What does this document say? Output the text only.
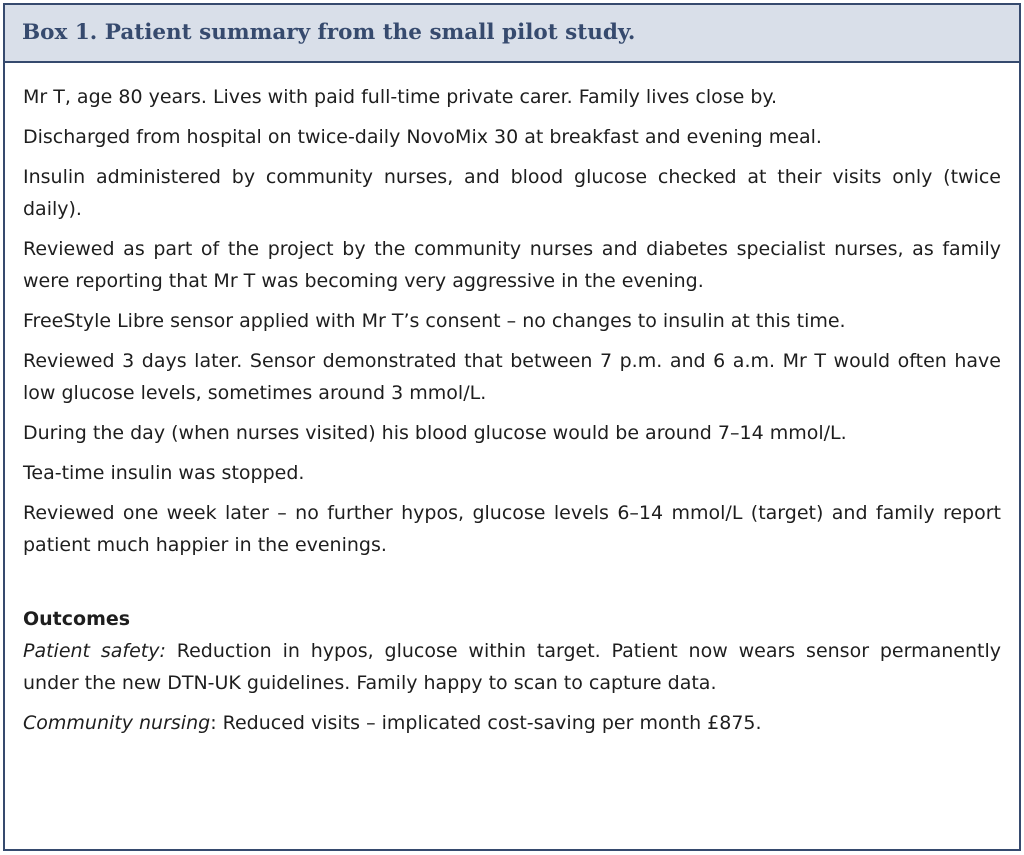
Box 1. Patient summary from the small pilot study.

Mr T, age 80 years. Lives with paid full-time private carer. Family lives close by.

Discharged from hospital on twice-daily NovoMix 30 at breakfast and evening meal.

Insulin administered by community nurses, and blood glucose checked at their visits only (twice daily).

Reviewed as part of the project by the community nurses and diabetes specialist nurses, as family were reporting that Mr T was becoming very aggressive in the evening.

FreeStyle Libre sensor applied with Mr T’s consent – no changes to insulin at this time.

Reviewed 3 days later. Sensor demonstrated that between 7 p.m. and 6 a.m. Mr T would often have low glucose levels, sometimes around 3 mmol/L.

During the day (when nurses visited) his blood glucose would be around 7–14 mmol/L.

Tea-time insulin was stopped.

Reviewed one week later – no further hypos, glucose levels 6–14 mmol/L (target) and family report patient much happier in the evenings.

Outcomes

Patient safety: Reduction in hypos, glucose within target. Patient now wears sensor permanently under the new DTN-UK guidelines. Family happy to scan to capture data.

Community nursing: Reduced visits – implicated cost-saving per month £875.
